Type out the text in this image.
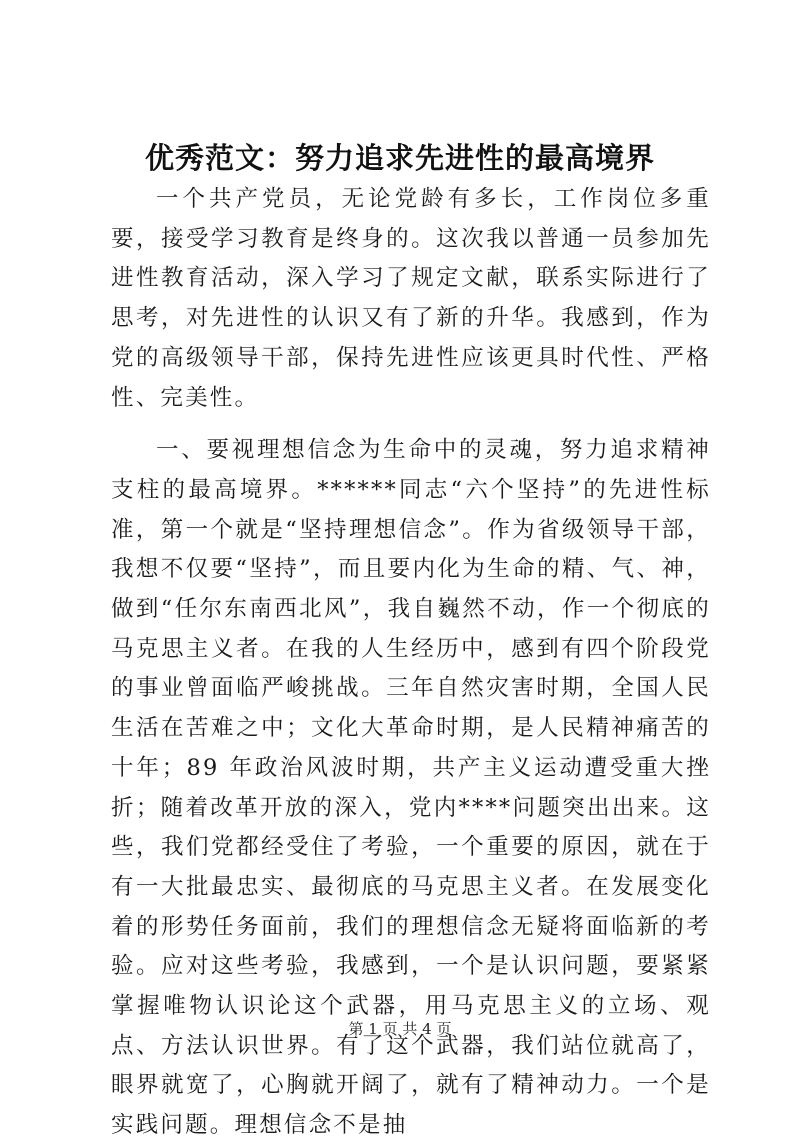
优秀范文：努力追求先进性的最高境界

一个共产党员，无论党龄有多长，工作岗位多重要，接受学习教育是终身的。这次我以普通一员参加先进性教育活动，深入学习了规定文献，联系实际进行了思考，对先进性的认识又有了新的升华。我感到，作为党的高级领导干部，保持先进性应该更具时代性、严格性、完美性。

一、要视理想信念为生命中的灵魂，努力追求精神支柱的最高境界。******同志“六个坚持”的先进性标准，第一个就是“坚持理想信念”。作为省级领导干部，我想不仅要“坚持”，而且要内化为生命的精、气、神，做到“任尔东南西北风”，我自巍然不动，作一个彻底的马克思主义者。在我的人生经历中，感到有四个阶段党的事业曾面临严峻挑战。三年自然灾害时期，全国人民生活在苦难之中；文化大革命时期，是人民精神痛苦的十年；89 年政治风波时期，共产主义运动遭受重大挫折；随着改革开放的深入，党内****问题突出出来。这些，我们党都经受住了考验，一个重要的原因，就在于有一大批最忠实、最彻底的马克思主义者。在发展变化着的形势任务面前，我们的理想信念无疑将面临新的考验。应对这些考验，我感到，一个是认识问题，要紧紧掌握唯物认识论这个武器，用马克思主义的立场、观点、方法认识世界。有了这个武器，我们站位就高了，眼界就宽了，心胸就开阔了，就有了精神动力。一个是实践问题。理想信念不是抽

第 1 页 共 4 页
